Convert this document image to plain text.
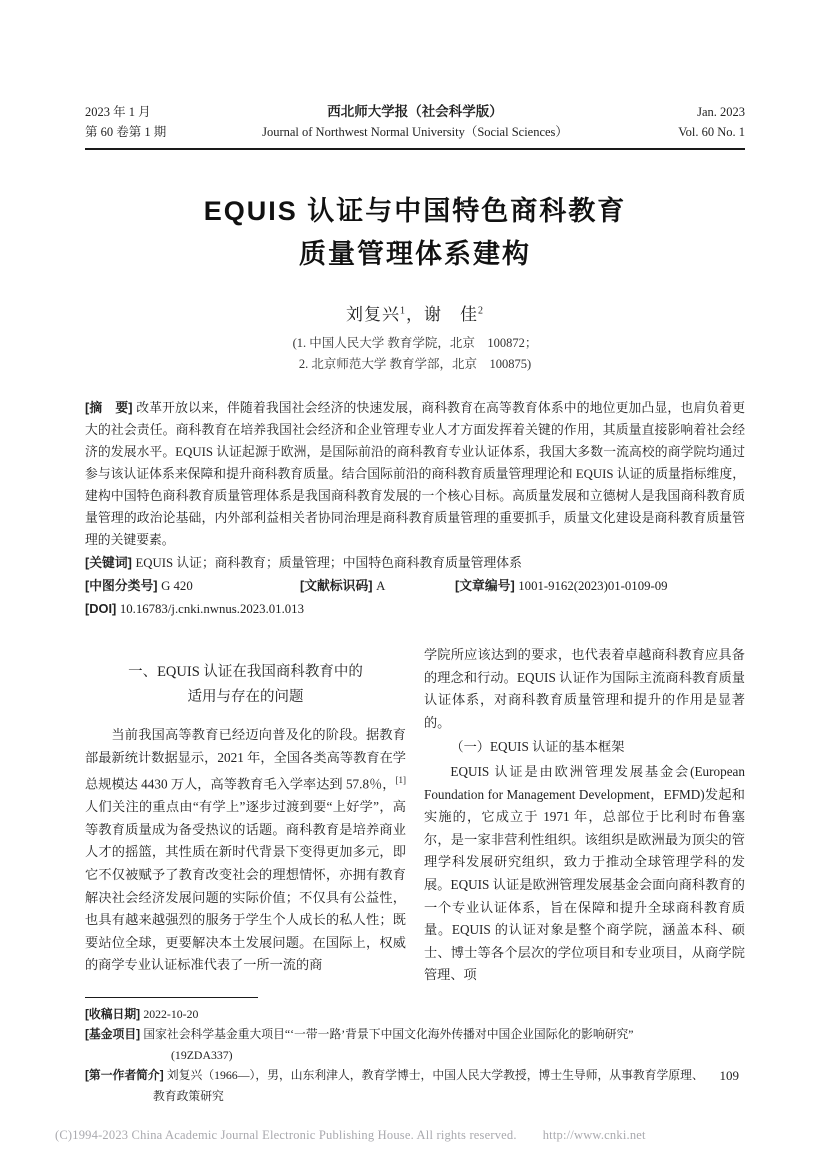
2023 年 1 月
第 60 卷第 1 期
西北师大学报（社会科学版）
Journal of Northwest Normal University（Social Sciences）
Jan. 2023
Vol. 60 No. 1
EQUIS 认证与中国特色商科教育
质量管理体系建构
刘复兴$^1$，谢　佳$^2$
(1. 中国人民大学 教育学院，北京　100872；
2. 北京师范大学 教育学部，北京　100875)
[摘　要] 改革开放以来，伴随着我国社会经济的快速发展，商科教育在高等教育体系中的地位更加凸显，也肩负着更大的社会责任。商科教育在培养我国社会经济和企业管理专业人才方面发挥着关键的作用，其质量直接影响着社会经济的发展水平。EQUIS 认证起源于欧洲，是国际前沿的商科教育专业认证体系，我国大多数一流高校的商学院均通过参与该认证体系来保障和提升商科教育质量。结合国际前沿的商科教育质量管理理论和 EQUIS 认证的质量指标维度，建构中国特色商科教育质量管理体系是我国商科教育发展的一个核心目标。高质量发展和立德树人是我国商科教育质量管理的政治论基础，内外部利益相关者协同治理是商科教育质量管理的重要抓手，质量文化建设是商科教育质量管理的关键要素。
[关键词] EQUIS 认证；商科教育；质量管理；中国特色商科教育质量管理体系
[中图分类号] G 420	[文献标识码] A	[文章编号] 1001-9162(2023)01-0109-09
[DOI] 10.16783/j.cnki.nwnus.2023.01.013
一、EQUIS 认证在我国商科教育中的
适用与存在的问题
当前我国高等教育已经迈向普及化的阶段。据教育部最新统计数据显示，2021 年，全国各类高等教育在学总规模达 4430 万人，高等教育毛入学率达到 57.8％，[1] 人们关注的重点由“有学上”逐步过渡到要“上好学”，高等教育质量成为备受热议的话题。商科教育是培养商业人才的摇篮，其性质在新时代背景下变得更加多元，即它不仅被赋予了教育改变社会的理想情怀，亦拥有教育解决社会经济发展问题的实际价值；不仅具有公益性，也具有越来越强烈的服务于学生个人成长的私人性；既要站位全球，更要解决本土发展问题。在国际上，权威的商学专业认证标准代表了一所一流的商
学院所应该达到的要求，也代表着卓越商科教育应具备的理念和行动。EQUIS 认证作为国际主流商科教育质量认证体系，对商科教育质量管理和提升的作用是显著的。
（一）EQUIS 认证的基本框架
EQUIS 认证是由欧洲管理发展基金会(European Foundation for Management Development，EFMD)发起和实施的，它成立于 1971 年，总部位于比利时布鲁塞尔，是一家非营利性组织。该组织是欧洲最为顶尖的管理学科发展研究组织，致力于推动全球管理学科的发展。EQUIS 认证是欧洲管理发展基金会面向商科教育的一个专业认证体系，旨在保障和提升全球商科教育质量。EQUIS 的认证对象是整个商学院，涵盖本科、硕士、博士等各个层次的学位项目和专业项目，从商学院管理、项
[收稿日期] 2022-10-20
[基金项目] 国家社会科学基金重大项目“‘一带一路’背景下中国文化海外传播对中国企业国际化的影响研究”
(19ZDA337)
[第一作者简介] 刘复兴（1966—），男，山东利津人，教育学博士，中国人民大学教授，博士生导师，从事教育学原理、
教育政策研究
109
(C)1994-2023 China Academic Journal Electronic Publishing House. All rights reserved. http://www.cnki.net
